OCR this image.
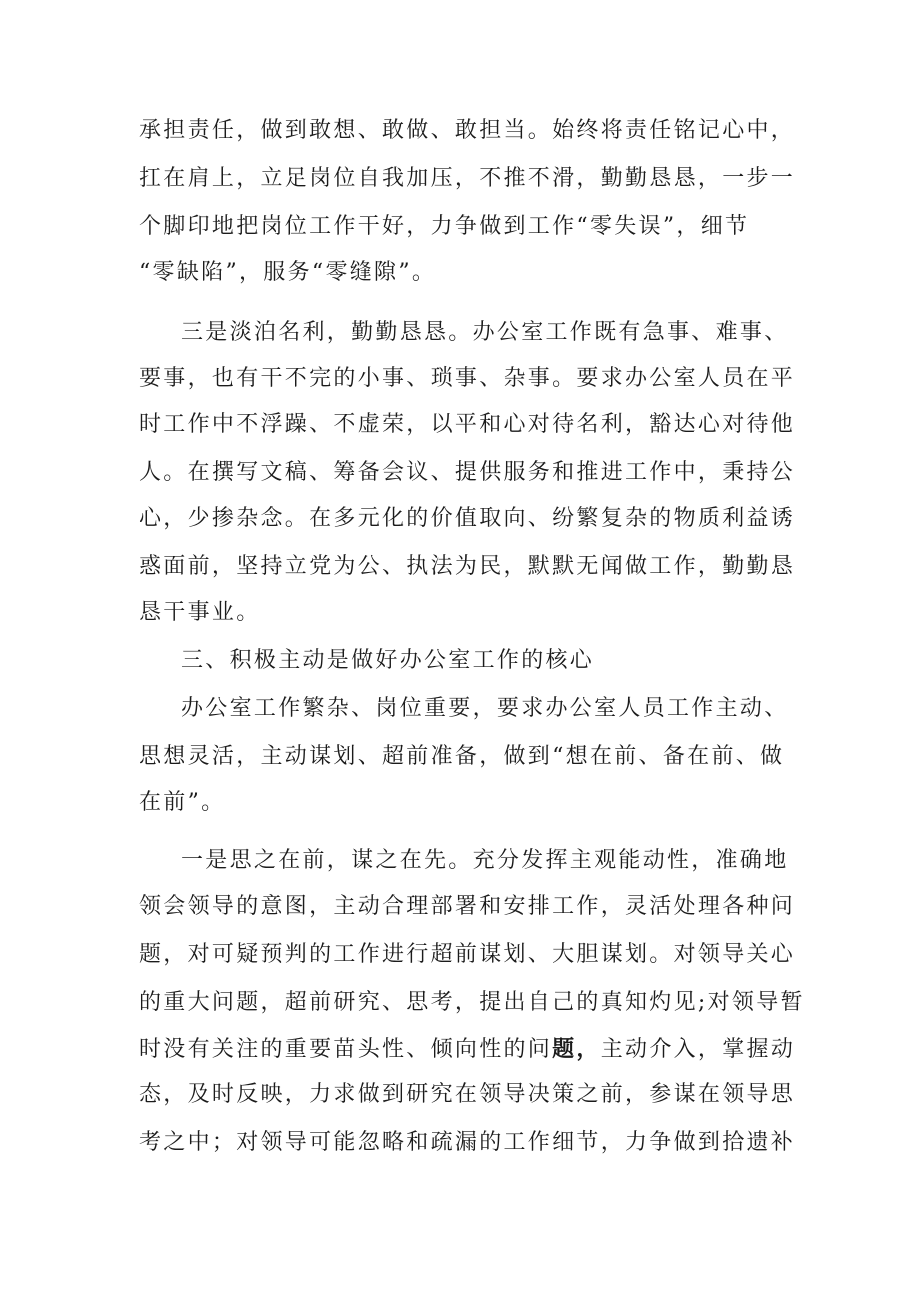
承担责任，做到敢想、敢做、敢担当。始终将责任铭记心中，
扛在肩上，立足岗位自我加压，不推不滑，勤勤恳恳，一步一
个脚印地把岗位工作干好，力争做到工作“零失误”，细节
“零缺陷”，服务“零缝隙”。
三是淡泊名利，勤勤恳恳。办公室工作既有急事、难事、
要事，也有干不完的小事、琐事、杂事。要求办公室人员在平
时工作中不浮躁、不虚荣，以平和心对待名利，豁达心对待他
人。在撰写文稿、筹备会议、提供服务和推进工作中，秉持公
心，少掺杂念。在多元化的价值取向、纷繁复杂的物质利益诱
惑面前，坚持立党为公、执法为民，默默无闻做工作，勤勤恳
恳干事业。
三、积极主动是做好办公室工作的核心
办公室工作繁杂、岗位重要，要求办公室人员工作主动、
思想灵活，主动谋划、超前准备，做到“想在前、备在前、做
在前”。
一是思之在前，谋之在先。充分发挥主观能动性，准确地
领会领导的意图，主动合理部署和安排工作，灵活处理各种问
题，对可疑预判的工作进行超前谋划、大胆谋划。对领导关心
的重大问题，超前研究、思考，提出自己的真知灼见;对领导暂
时没有关注的重要苗头性、倾向性的问题，主动介入，掌握动
态，及时反映，力求做到研究在领导决策之前，参谋在领导思
考之中；对领导可能忽略和疏漏的工作细节，力争做到拾遗补
